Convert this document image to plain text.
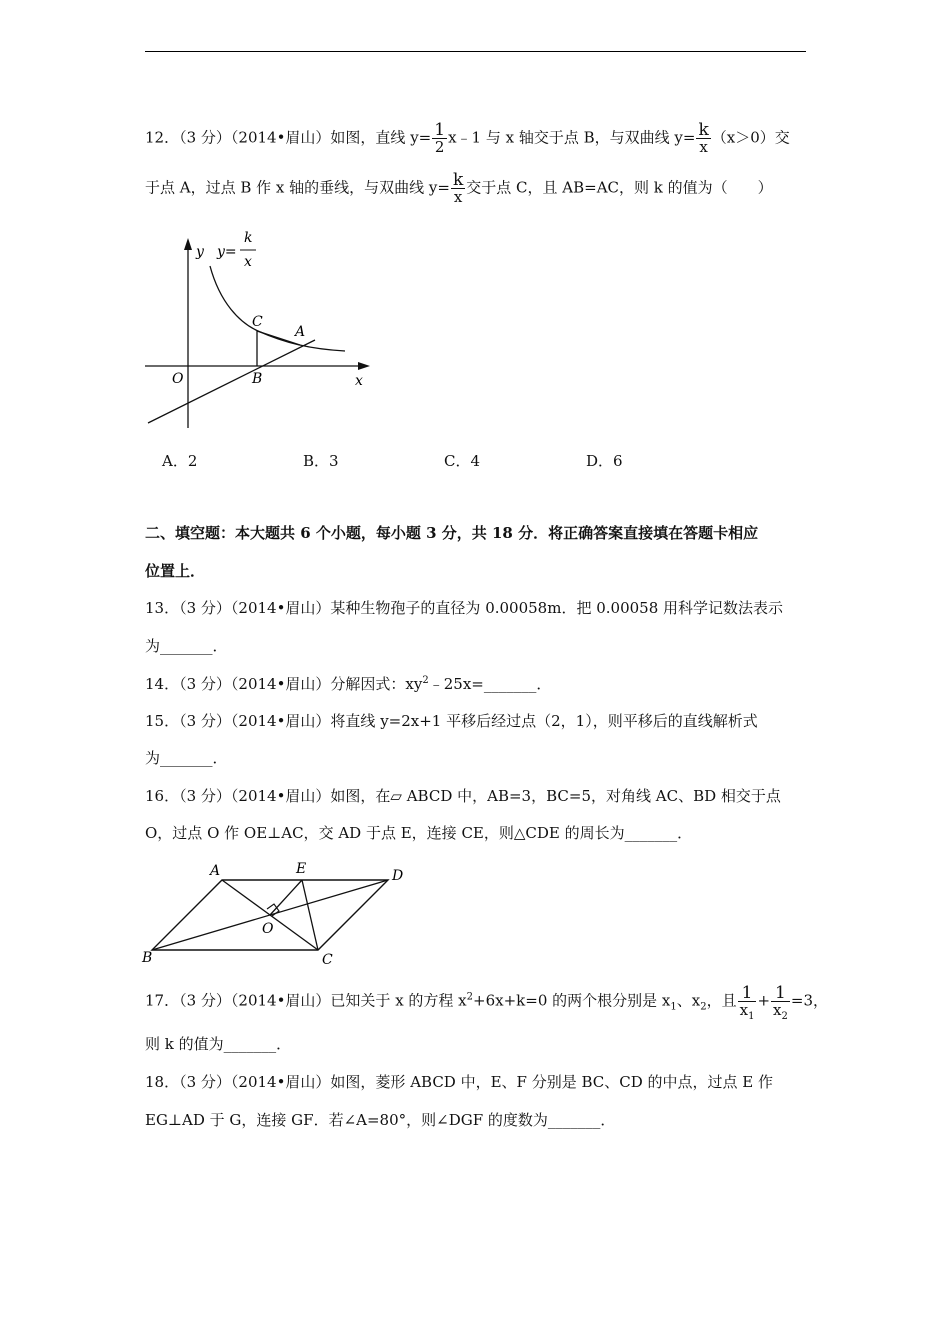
12．（3 分）（2014•眉山）如图，直线 $y= \frac{1}{2}$ x﹣1 与 x 轴交于点 B，与双曲线 $y= \frac{k}{x} (x>0)$交
于点 A，过点 B 作 x 轴的垂线，与双曲线 $y= \frac{k}{x}$ 交于点 C，且 AB=AC，则 k 的值为（　　）
y y=
k
x
x
O	B
C
A
A．2	B．3	C．4	D．6
二、填空题：本大题共 6 个小题，每小题 3 分，共 18 分．将正确答案直接填在答题卡相应
位置上．
13．（3 分）（2014•眉山）某种生物孢子的直径为 0.00058m．把 0.00058 用科学记数法表示
为_______．
14．（3 分）（2014•眉山）分解因式：$xy^2﹣25x=\_\_\_\_\_\_\_$．
15．（3 分）（2014•眉山）将直线 y=2x+1 平移后经过点（2，1），则平移后的直线解析式
为_______．
16．（3 分）（2014•眉山）如图，在▱ ABCD 中，AB=3，BC=5，对角线 AC、BD 相交于点
O，过点 O 作 OE⊥AC，交 AD 于点 E，连接 CE，则△CDE 的周长为_______．
A	E	D
O
B	C
17．（3 分）（2014•眉山）已知关于 x 的方程 $x^2+6x+k=0$ 的两个根分别是 $x_1$、$x_2$，且 $\frac{1}{x_1} + \frac{1}{x_2} =3$，
则 k 的值为_______．
18．（3 分）（2014•眉山）如图，菱形 ABCD 中，E、F 分别是 BC、CD 的中点，过点 E 作
EG⊥AD 于 G，连接 GF．若∠A=80°，则∠DGF 的度数为_______．
